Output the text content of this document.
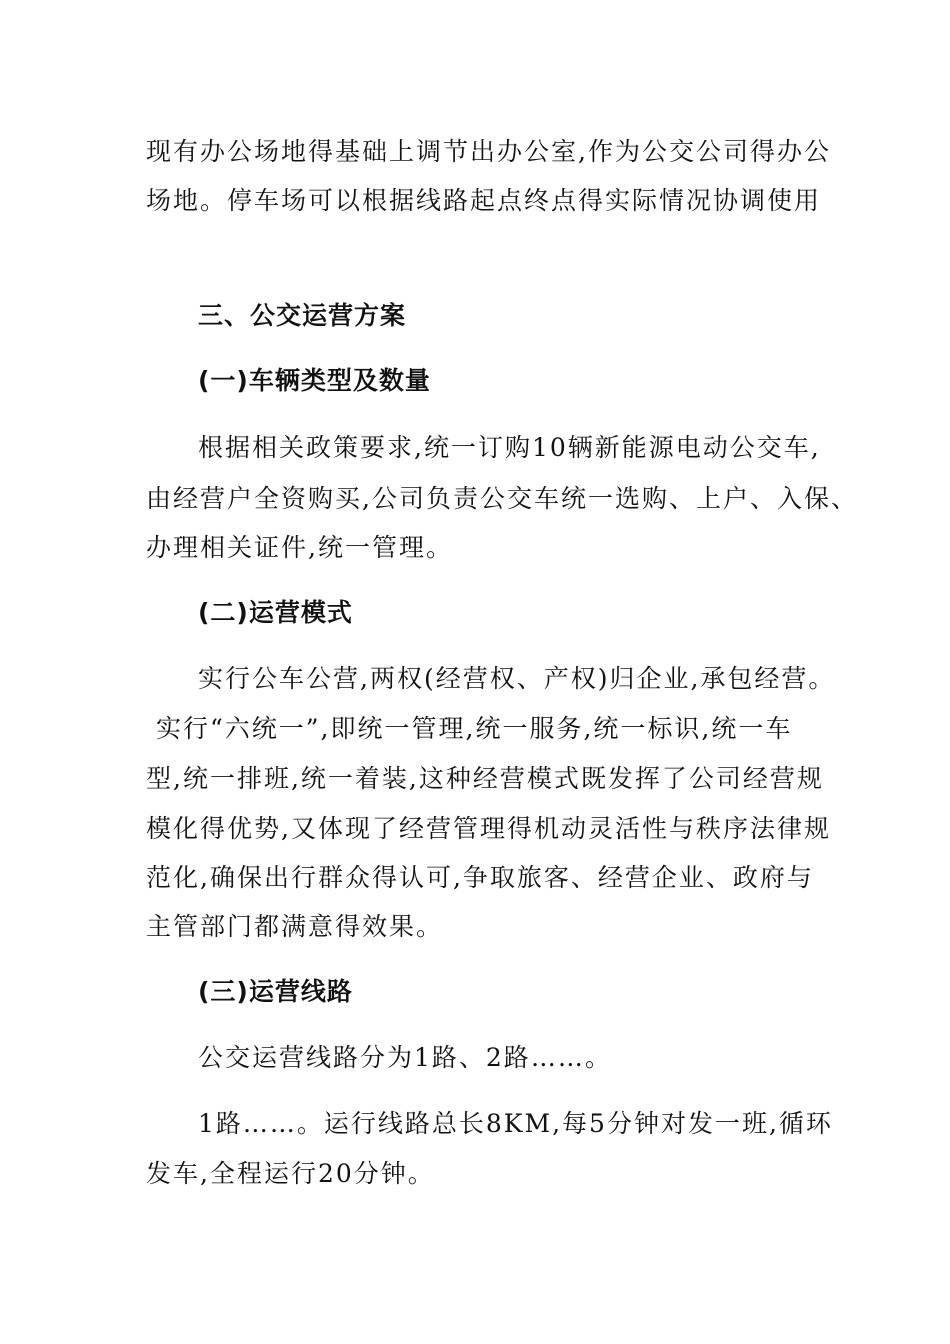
现有办公场地得基础上调节出办公室,作为公交公司得办公
场地。停车场可以根据线路起点终点得实际情况协调使用
三、公交运营方案
(一)车辆类型及数量
根据相关政策要求,统一订购10辆新能源电动公交车,
由经营户全资购买,公司负责公交车统一选购、上户、入保、
办理相关证件,统一管理。
(二)运营模式
实行公车公营,两权(经营权、产权)归企业,承包经营。
实行“六统一”,即统一管理,统一服务,统一标识,统一车
型,统一排班,统一着装,这种经营模式既发挥了公司经营规
模化得优势,又体现了经营管理得机动灵活性与秩序法律规
范化,确保出行群众得认可,争取旅客、经营企业、政府与
主管部门都满意得效果。
(三)运营线路
公交运营线路分为1路、2路……。
1路……。运行线路总长8KM,每5分钟对发一班,循环
发车,全程运行20分钟。
